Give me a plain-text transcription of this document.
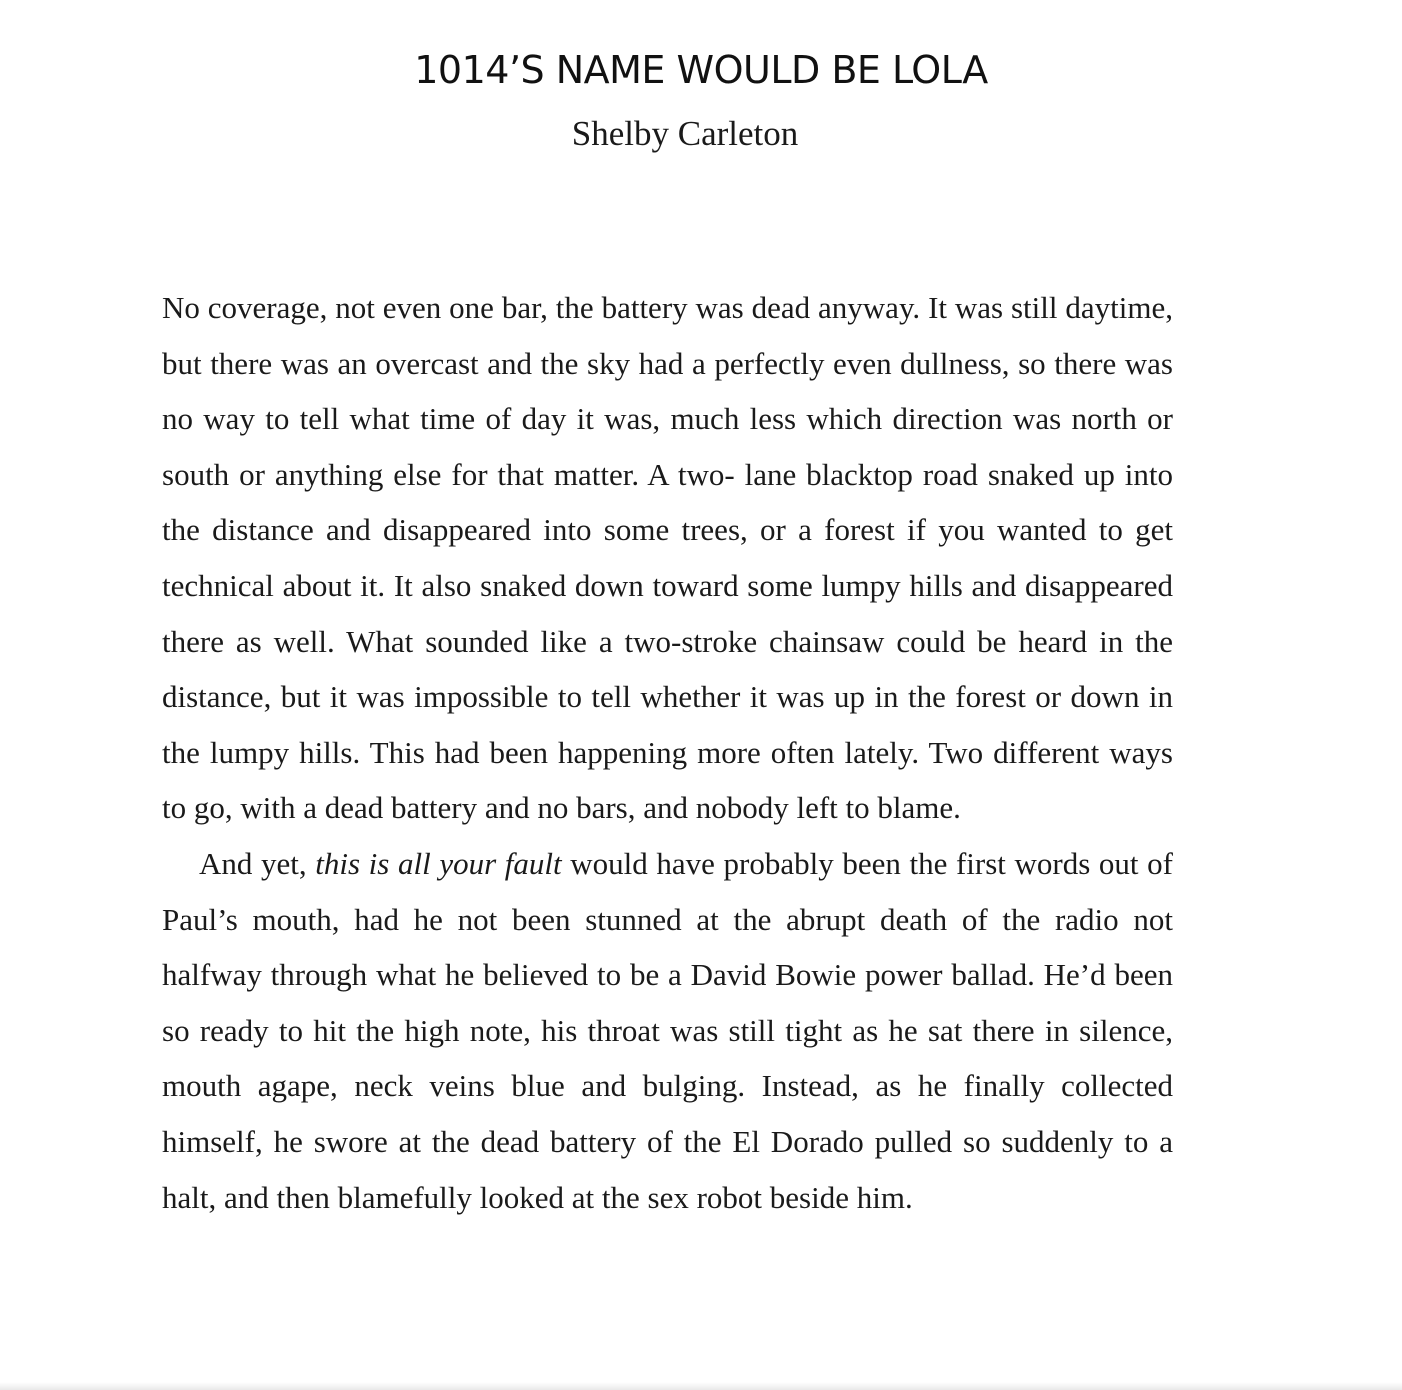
1014’S NAME WOULD BE LOLA
Shelby Carleton

No coverage, not even one bar, the battery was dead anyway. It was still daytime, but there was an overcast and the sky had a perfectly even dullness, so there was no way to tell what time of day it was, much less which direction was north or south or anything else for that matter. A two- lane blacktop road snaked up into the distance and disappeared into some trees, or a forest if you wanted to get technical about it. It also snaked down toward some lumpy hills and disappeared there as well. What sounded like a two-stroke chainsaw could be heard in the distance, but it was impossible to tell whether it was up in the forest or down in the lumpy hills. This had been happening more often lately. Two different ways to go, with a dead battery and no bars, and nobody left to blame.

And yet, this is all your fault would have probably been the first words out of Paul’s mouth, had he not been stunned at the abrupt death of the radio not halfway through what he believed to be a David Bowie power ballad. He’d been so ready to hit the high note, his throat was still tight as he sat there in silence, mouth agape, neck veins blue and bulging. Instead, as he finally collected himself, he swore at the dead battery of the El Dorado pulled so suddenly to a halt, and then blamefully looked at the sex robot beside him.
